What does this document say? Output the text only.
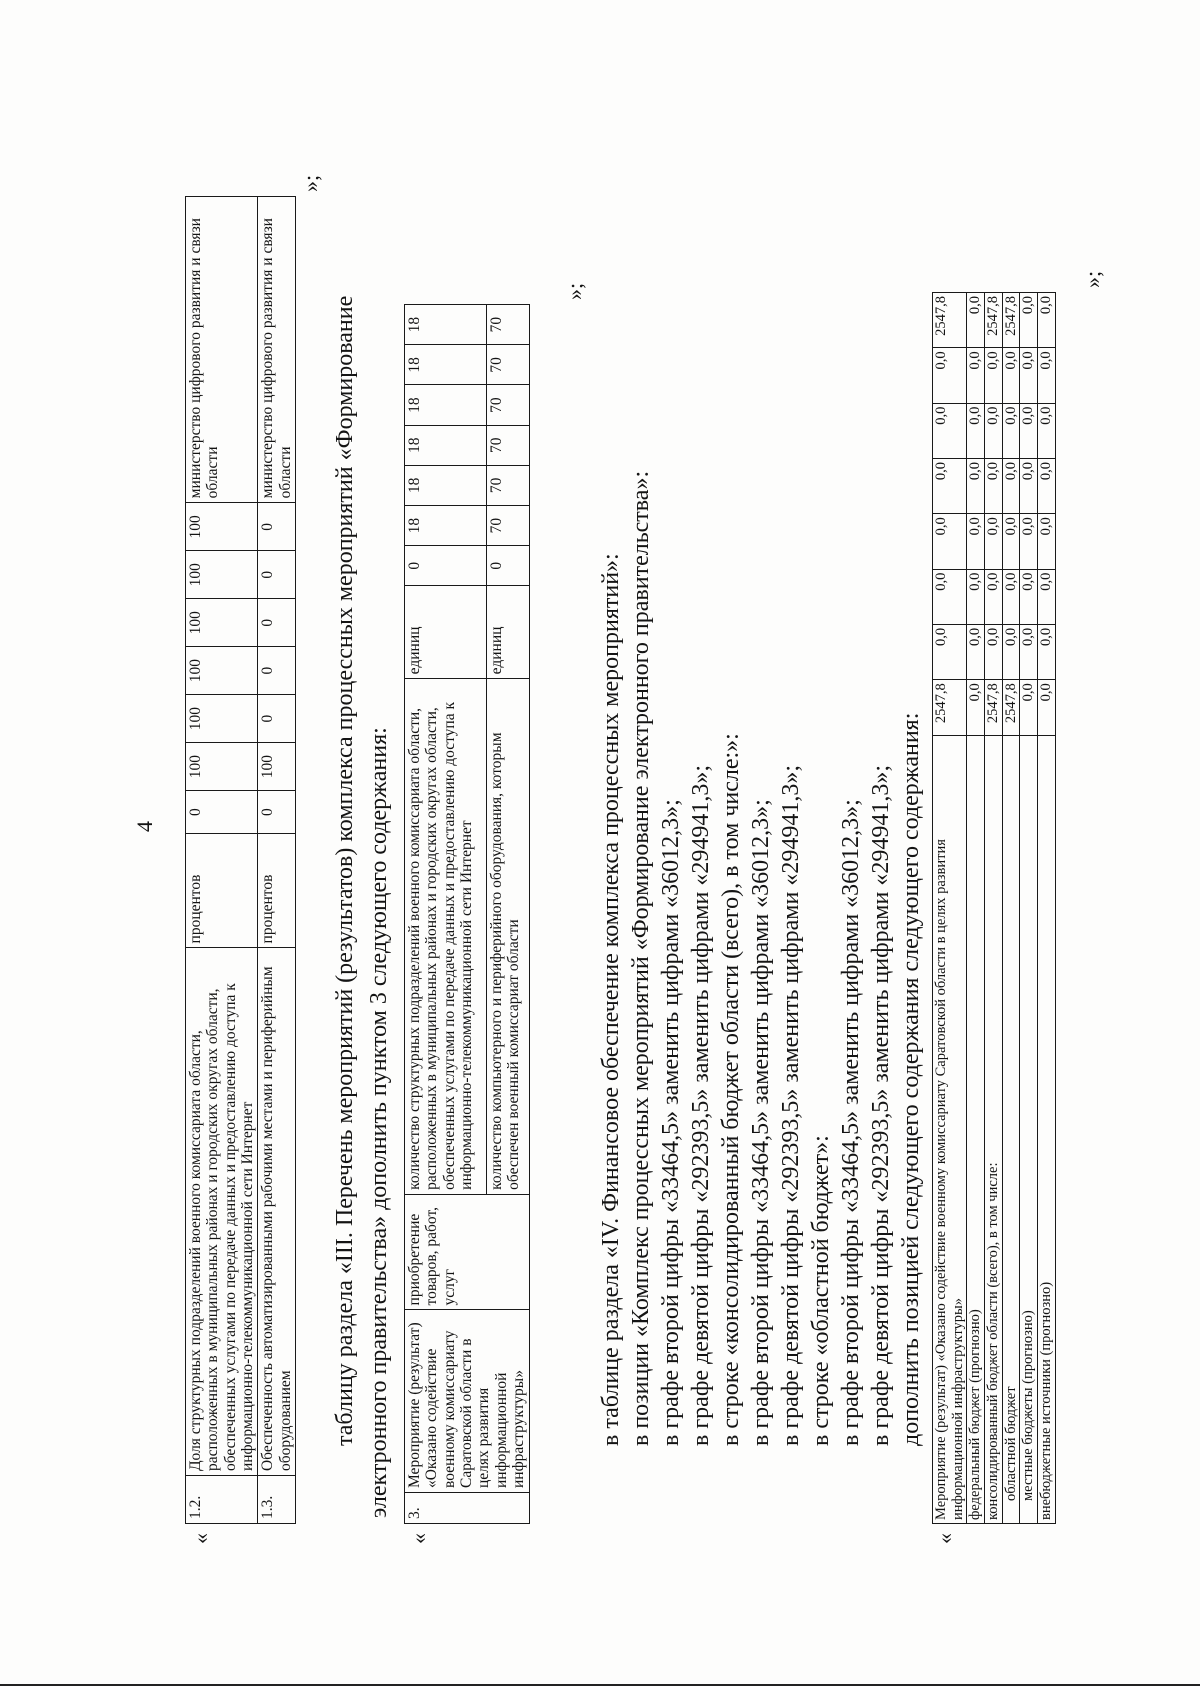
4
«
1.2.	Доля структурных подразделений военного комиссариата области, расположенных в муниципальных районах и городских округах области, обеспеченных услугами по передаче данных и предоставлению доступа к информационно-телекоммуникационной сети Интернет	процентов	0	100	100	100	100	100	100	министерство цифрового развития и связи области
1.3.	Обеспеченность автоматизированными рабочими местами и периферийным оборудованием	процентов	0	100	0	0	0	0	0	министерство цифрового развития и связи области
»;
таблицу раздела «III. Перечень мероприятий (результатов) комплекса процессных мероприятий «Формирование электронного правительства» дополнить пунктом 3 следующего содержания:
«
3.	Мероприятие (результат) «Оказано содействие военному комиссариату Саратовской области в целях развития информационной инфраструктуры»	приобретение товаров, работ, услуг	количество структурных подразделений военного комиссариата области, расположенных в муниципальных районах и городских округах области, обеспеченных услугами по передаче данных и предоставлению доступа к информационно-телекоммуникационной сети Интернет	единиц	0	18	18	18	18	18	18
			количество компьютерного и периферийного оборудования, которым обеспечен военный комиссариат области	единиц	0	70	70	70	70	70	70
»;
в таблице раздела «IV. Финансовое обеспечение комплекса процессных мероприятий»: в позиции «Комплекс процессных мероприятий «Формирование электронного правительства»: в графе второй цифры «33464,5» заменить цифрами «36012,3»; в графе девятой цифры «292393,5» заменить цифрами «294941,3»; в строке «консолидированный бюджет области (всего), в том числе:»: в графе второй цифры «33464,5» заменить цифрами «36012,3»; в графе девятой цифры «292393,5» заменить цифрами «294941,3»; в строке «областной бюджет»: в графе второй цифры «33464,5» заменить цифрами «36012,3»; в графе девятой цифры «292393,5» заменить цифрами «294941,3»; дополнить позицией следующего содержания следующего содержания:
«
Мероприятие (результат) «Оказано содействие военному комиссариату Саратовской области в целях развития информационной инфраструктуры»	2547,8	0,0	0,0	0,0	0,0	0,0	0,0	2547,8
федеральный бюджет (прогнозно)	0,0	0,0	0,0	0,0	0,0	0,0	0,0	0,0
консолидированный бюджет области (всего), в том числе:	2547,8	0,0	0,0	0,0	0,0	0,0	0,0	2547,8
областной бюджет	2547,8	0,0	0,0	0,0	0,0	0,0	0,0	2547,8
местные бюджеты (прогнозно)	0,0	0,0	0,0	0,0	0,0	0,0	0,0	0,0
внебюджетные источники (прогнозно)	0,0	0,0	0,0	0,0	0,0	0,0	0,0	0,0
»;
